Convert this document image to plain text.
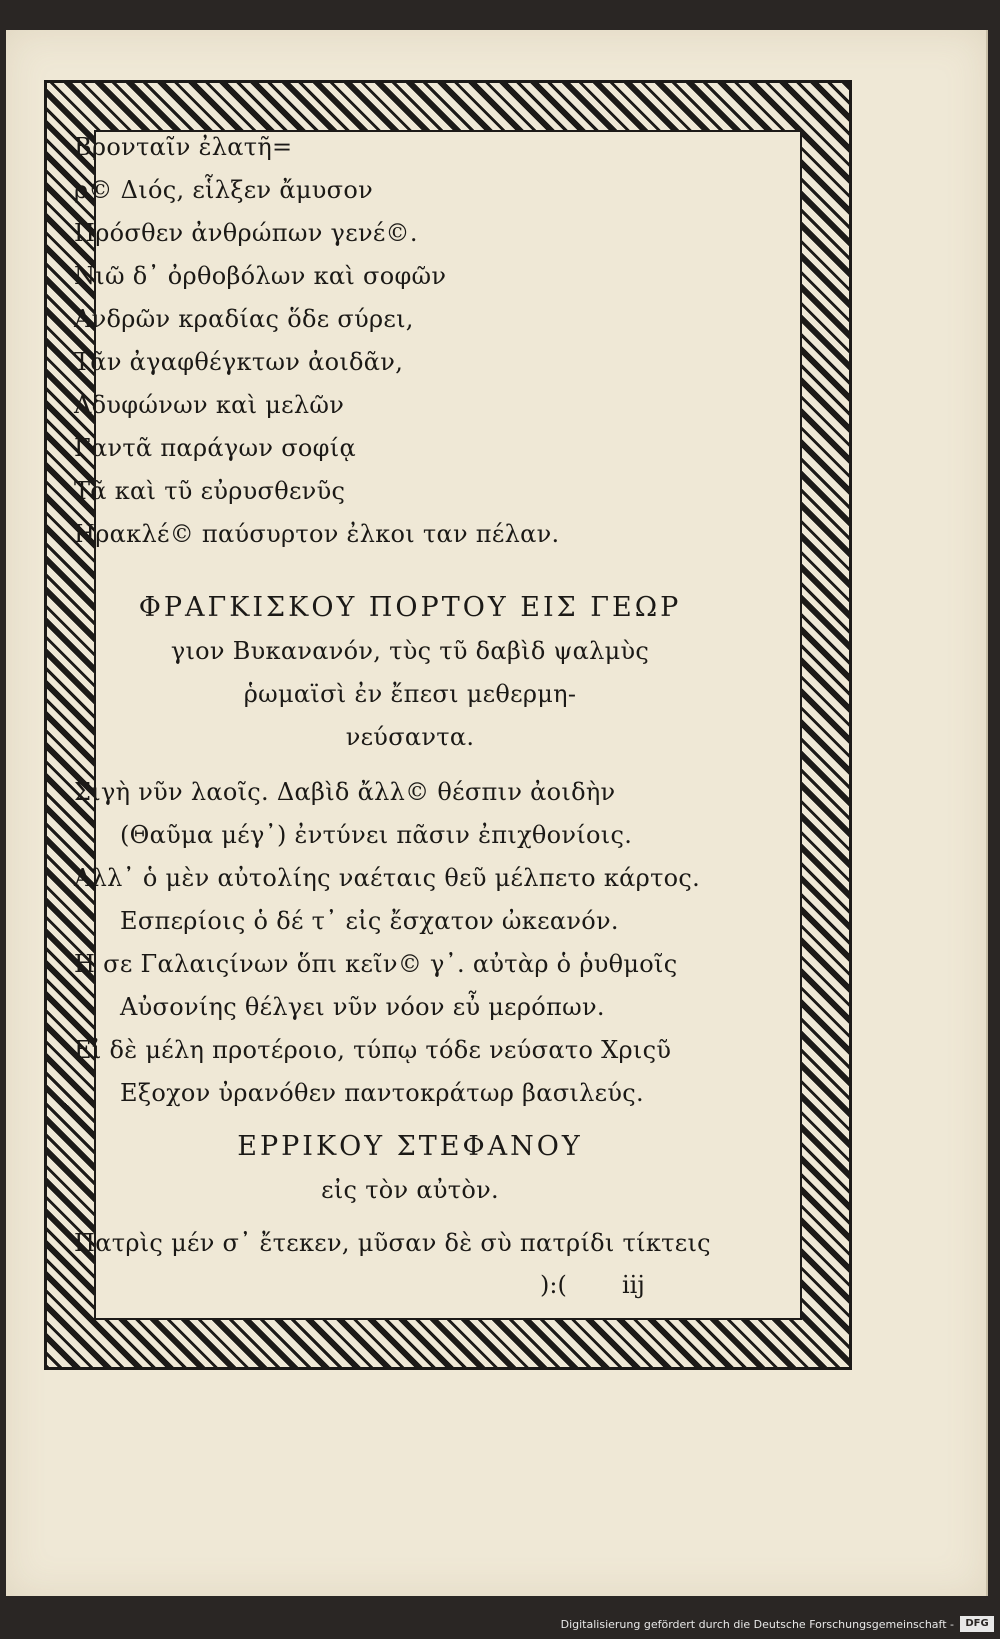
Βρονταῖν ἐλατῆ=
ρ© Διός, εἷλξεν ἄμυσον
Πρόσθεν ἀνθρώπων γενέ©.
Νιῶ δ᾽ ὀρθοβόλων καὶ σοφῶν
Ανδρῶν κραδίας ὅδε σύρει,
Τᾶν ἀγαφθέγκτων ἀοιδᾶν,
Αδυφώνων καὶ μελῶν
Γαντᾶ παράγων σοφίᾳ
Τᾶ καὶ τῦ εὐρυσθενῦς
Ηρακλέ© παύσυρτον ἐλκοι ταν πέλαν.
ΦΡΑΓΚΙΣΚΟΥ ΠΟΡΤΟΥ ΕΙΣ ΓΕΩΡ
γιον Βυκανανόν, τὺς τῦ δαβὶδ ψαλμὺς
ῥωμαϊσὶ ἐν ἔπεσι μεθερμη-
νεύσαντα.
Σιγὴ νῦν λαοῖς. Δαβὶδ ἄλλ© θέσπιν ἀοιδὴν
(Θαῦμα μέγ᾽) ἐντύνει πᾶσιν ἐπιχθονίοις.
Αλλ᾽ ὁ μὲν αὐτολίης ναέταις θεῦ μέλπετο κάρτος.
Εσπερίοις ὁ δέ τ᾽ εἰς ἔσχατον ὠκεανόν.
Η σε Γαλαιςίνων ὅπι κεῖν© γ᾽. αὐτὰρ ὁ ῥυθμοῖς
Αὐσονίης θέλγει νῦν νόον εὖ μερόπων.
Εἰ δὲ μέλη προτέροιο, τύπῳ τόδε νεύσατο Χριςῦ
Εξοχον ὐρανόθεν παντοκράτωρ βασιλεύς.
ΕΡΡΙΚΟΥ ΣΤΕΦΑΝΟΥ
εἰς τὸν αὐτὸν.
Πατρὶς μέν σ᾽ ἔτεκεν, μῦσαν δὲ σὺ πατρίδι τίκτεις
):( iij

Digitalisierung gefördert durch die Deutsche Forschungsgemeinschaft -	DFG
